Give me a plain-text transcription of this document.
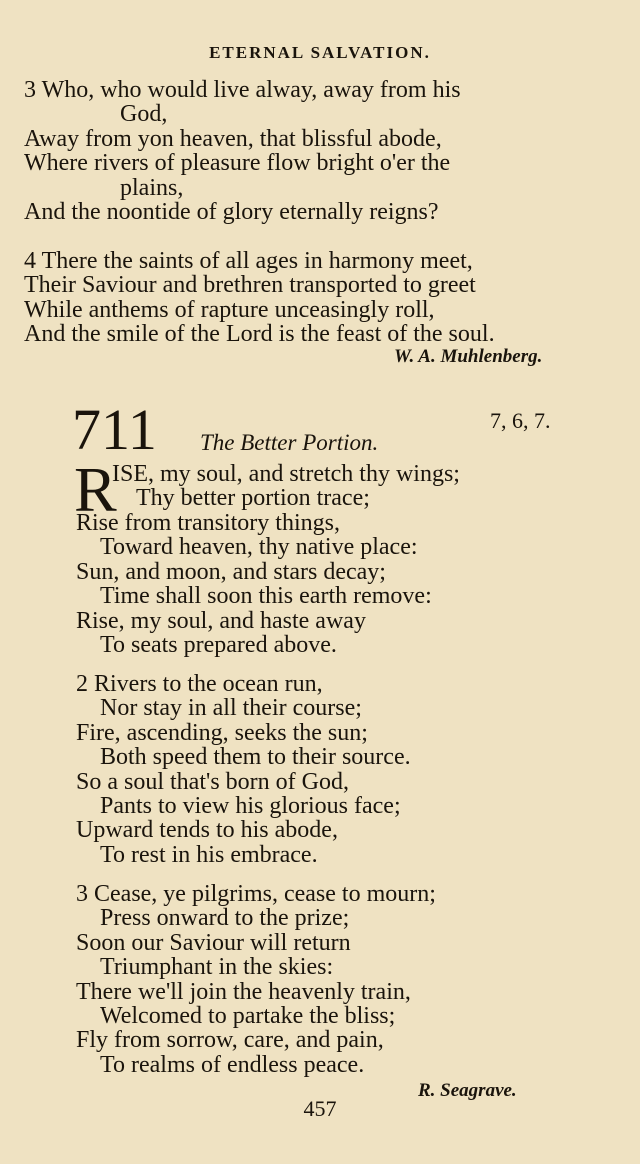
ETERNAL SALVATION.
3 Who, who would live alway, away from his
God,
Away from yon heaven, that blissful abode,
Where rivers of pleasure flow bright o'er the
plains,
And the noontide of glory eternally reigns?
4 There the saints of all ages in harmony meet,
Their Saviour and brethren transported to greet
While anthems of rapture unceasingly roll,
And the smile of the Lord is the feast of the soul.
W. A. Muhlenberg.
711	7, 6, 7.
The Better Portion.
R
ISE, my soul, and stretch thy wings;
Thy better portion trace;
Rise from transitory things,
Toward heaven, thy native place:
Sun, and moon, and stars decay;
Time shall soon this earth remove:
Rise, my soul, and haste away
To seats prepared above.
2 Rivers to the ocean run,
Nor stay in all their course;
Fire, ascending, seeks the sun;
Both speed them to their source.
So a soul that's born of God,
Pants to view his glorious face;
Upward tends to his abode,
To rest in his embrace.
3 Cease, ye pilgrims, cease to mourn;
Press onward to the prize;
Soon our Saviour will return
Triumphant in the skies:
There we'll join the heavenly train,
Welcomed to partake the bliss;
Fly from sorrow, care, and pain,
To realms of endless peace.
R. Seagrave.
457
